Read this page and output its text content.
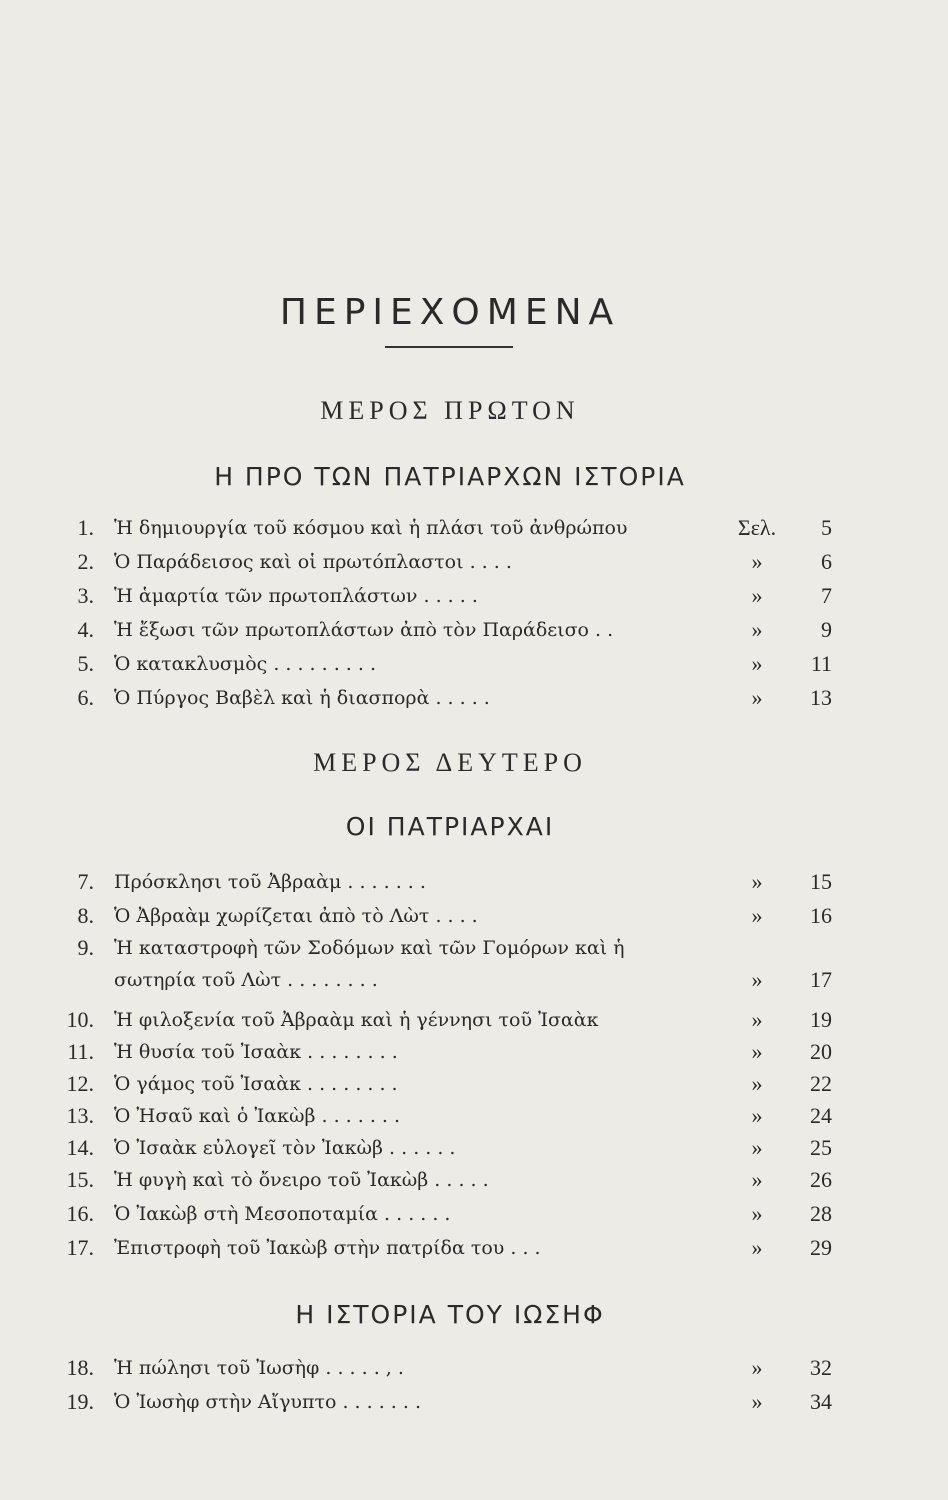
ΠΕΡΙΕΧΟΜΕΝΑ
ΜΕΡΟΣ ΠΡΩΤΟΝ
Η ΠΡΟ ΤΩΝ ΠΑΤΡΙΑΡΧΩΝ ΙΣΤΟΡΙΑ
ΜΕΡΟΣ ΔΕΥΤΕΡΟ
ΟΙ ΠΑΤΡΙΑΡΧΑΙ
Η ΙΣΤΟΡΙΑ ΤΟΥ ΙΩΣΗΦ
1. Ἡ δημιουργία τοῦ κόσμου καὶ ἡ πλάσι τοῦ ἀνθρώπου	Σελ.	5
2. Ὁ Παράδεισος καὶ οἱ πρωτόπλαστοι . . . .	»	6
3. Ἡ ἁμαρτία τῶν πρωτοπλάστων . . . . .	»	7
4. Ἡ ἔξωσι τῶν πρωτοπλάστων ἀπὸ τὸν Παράδεισο . .	»	9
5. Ὁ κατακλυσμὸς . . . . . . . . .	»	11
6. Ὁ Πύργος Βαβὲλ καὶ ἡ διασπορὰ . . . . .	»	13
7. Πρόσκλησι τοῦ Ἀβραὰμ . . . . . . .	»	15
8. Ὁ Ἀβραὰμ χωρίζεται ἀπὸ τὸ Λὼτ . . . .	»	16
9. Ἡ καταστροφὴ τῶν Σοδόμων καὶ τῶν Γομόρων καὶ ἡ
σωτηρία τοῦ Λὼτ . . . . . . . .	»	17
10. Ἡ φιλοξενία τοῦ Ἀβραὰμ καὶ ἡ γέννησι τοῦ Ἰσαὰκ	»	19
11. Ἡ θυσία τοῦ Ἰσαὰκ . . . . . . . .	»	20
12. Ὁ γάμος τοῦ Ἰσαὰκ . . . . . . . .	»	22
13. Ὁ Ἠσαῦ καὶ ὁ Ἰακὼβ . . . . . . .	»	24
14. Ὁ Ἰσαὰκ εὐλογεῖ τὸν Ἰακὼβ . . . . . .	»	25
15. Ἡ φυγὴ καὶ τὸ ὄνειρο τοῦ Ἰακὼβ . . . . .	»	26
16. Ὁ Ἰακὼβ στὴ Μεσοποταμία . . . . . .	»	28
17. Ἐπιστροφὴ τοῦ Ἰακὼβ στὴν πατρίδα του . . .	»	29
18. Ἡ πώλησι τοῦ Ἰωσὴφ . . . . . , .	»	32
19. Ὁ Ἰωσὴφ στὴν Αἴγυπτο . . . . . . .	»	34
